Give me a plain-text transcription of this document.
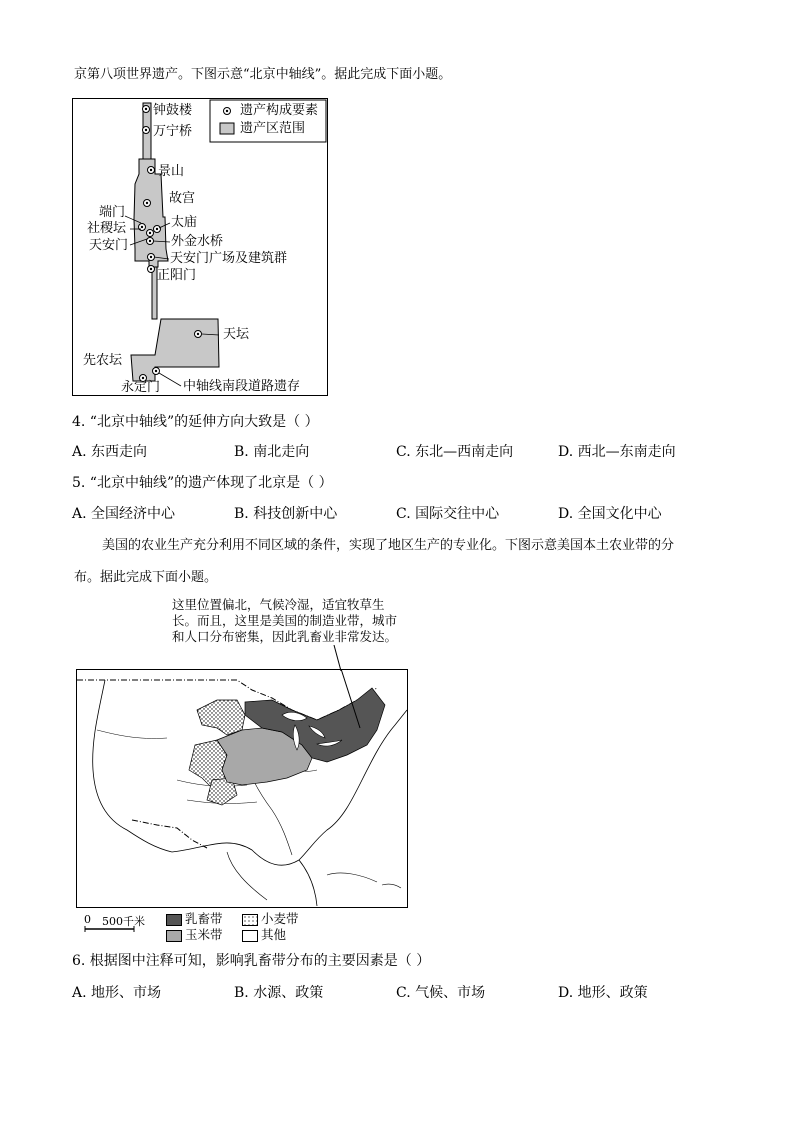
京第八项世界遗产。下图示意“北京中轴线”。据此完成下面小题。
遗产构成要素
遗产区范围
钟鼓楼
万宁桥
景山
故宫
端门
太庙
社稷坛
外金水桥
天安门
天安门广场及建筑群
正阳门
天坛
先农坛
永定门 中轴线南段道路遗存
4. “北京中轴线”的延伸方向大致是（ ）
A. 东西走向	B. 南北走向	C. 东北—西南走向	D. 西北—东南走向
5. “北京中轴线”的遗产体现了北京是（ ）
A. 全国经济中心	B. 科技创新中心	C. 国际交往中心	D. 全国文化中心
美国的农业生产充分利用不同区域的条件，实现了地区生产的专业化。下图示意美国本土农业带的分
布。据此完成下面小题。
这里位置偏北，气候冷湿，适宜牧草生
长。而且，这里是美国的制造业带，城市
和人口分布密集，因此乳畜业非常发达。
0 500千米	乳畜带	小麦带
玉米带	其他
6. 根据图中注释可知，影响乳畜带分布的主要因素是（ ）
A. 地形、市场	B. 水源、政策	C. 气候、市场	D. 地形、政策
